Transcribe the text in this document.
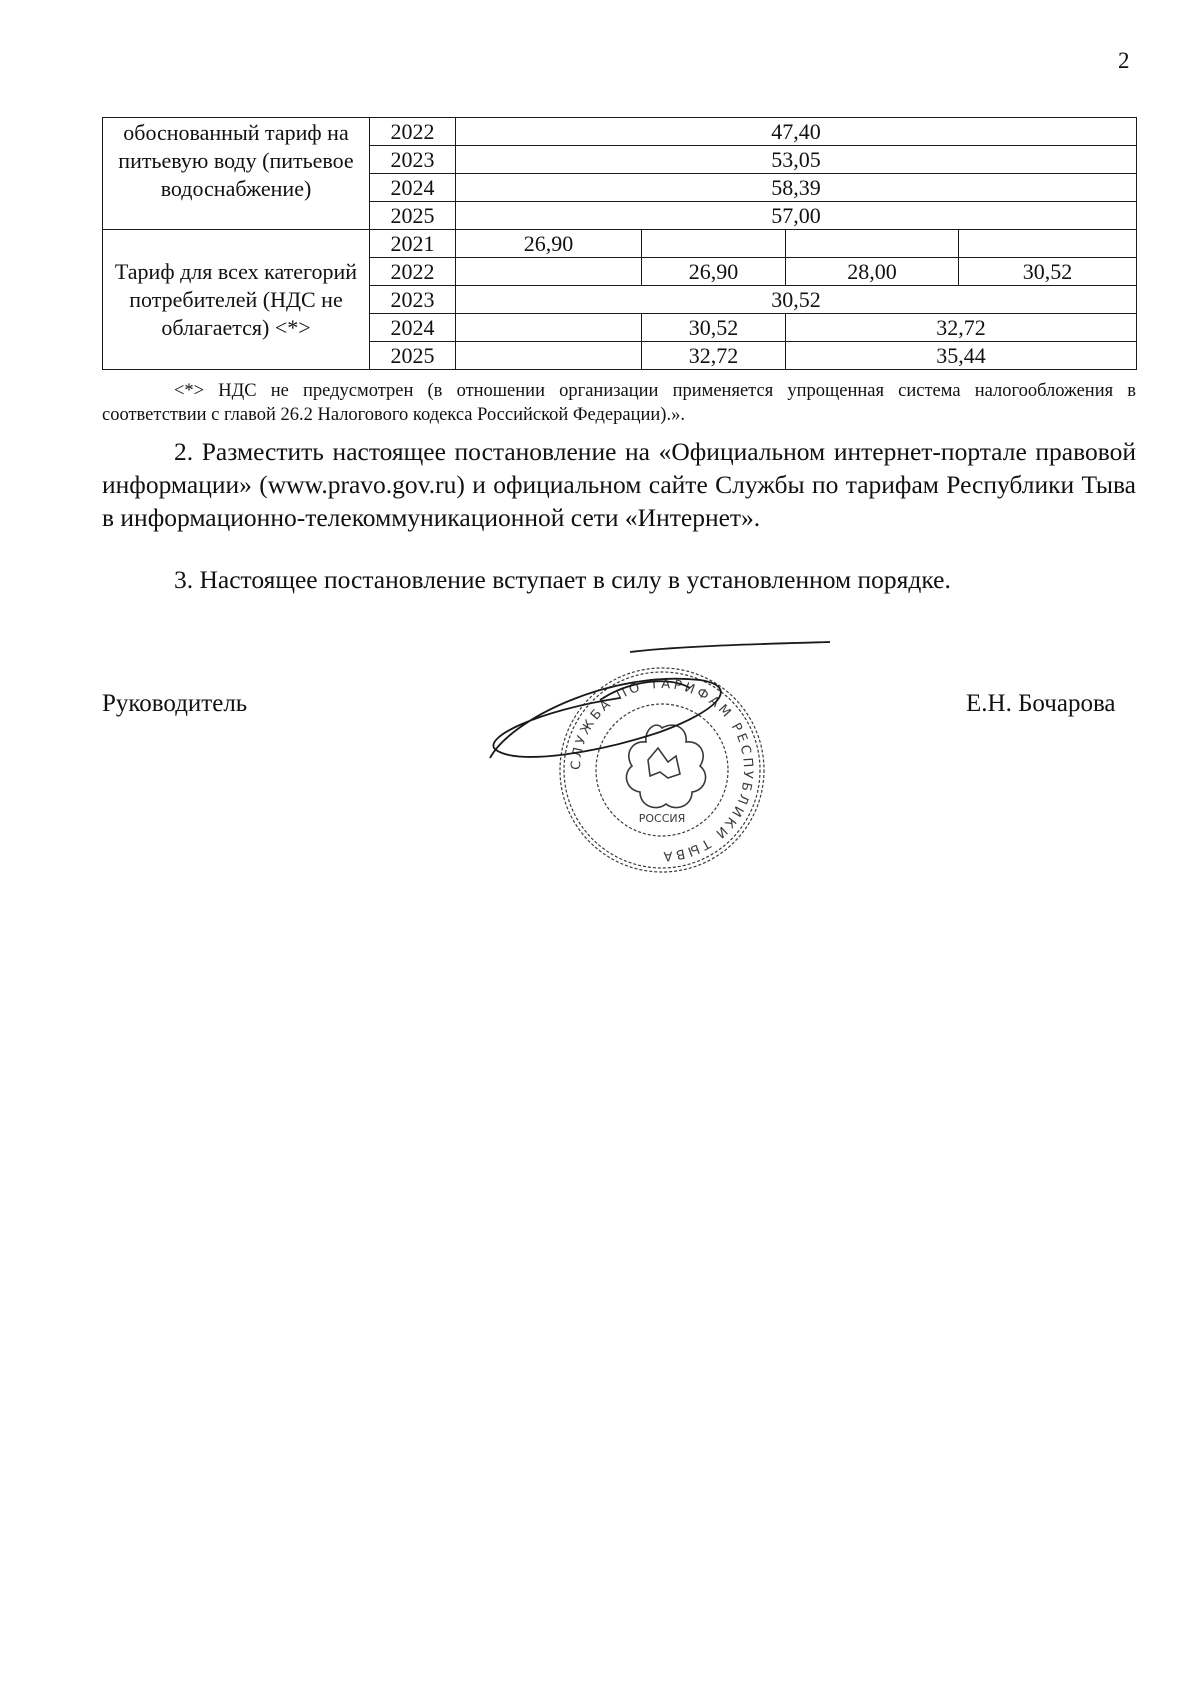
2
обоснованный тариф на питьевую воду (питьевое водоснабжение)	2022	47,40			
	2023	53,05			
	2024	58,39			
	2025	57,00			
Тариф для всех категорий потребителей (НДС не облагается) <*>	2021	26,90			
	2022		26,90	28,00	30,52
	2023	30,52			
	2024		30,52	32,72	
	2025		32,72	35,44	
<*> НДС не предусмотрен (в отношении организации применяется упрощенная система налогообложения в соответствии с главой 26.2 Налогового кодекса Российской Федерации).».
2. Разместить настоящее постановление на «Официальном интернет-портале правовой информации» (www.pravo.gov.ru) и официальном сайте Службы по тарифам Республики Тыва в информационно-телекоммуникационной сети «Интернет».
3. Настоящее постановление вступает в силу в установленном порядке.
Руководитель	Е.Н. Бочарова
СЛУЖБА ПО ТАРИФАМ РЕСПУБЛИКИ ТЫВА
РОССИЯ
